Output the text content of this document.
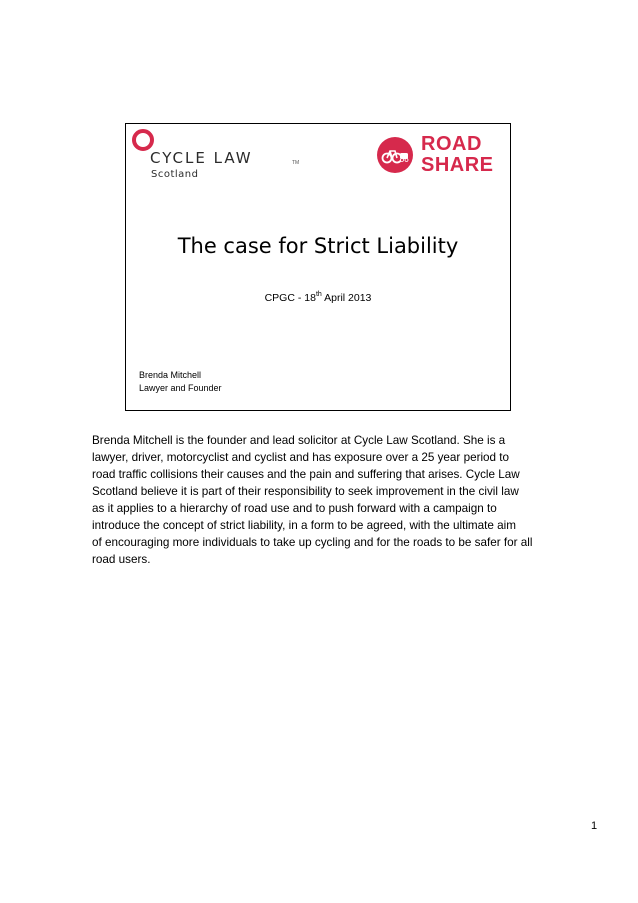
CYCLE LAW	TM
Scotland
ROAD
SHARE
The case for Strict Liability
CPGC - 18th April 2013
Brenda Mitchell
Lawyer and Founder
Brenda Mitchell is the founder and lead solicitor at Cycle Law Scotland. She is a
lawyer, driver, motorcyclist and cyclist and has exposure over a 25 year period to
road traffic collisions their causes and the pain and suffering that arises. Cycle Law
Scotland believe it is part of their responsibility to seek improvement in the civil law
as it applies to a hierarchy of road use and to push forward with a campaign to
introduce the concept of strict liability, in a form to be agreed, with the ultimate aim
of encouraging more individuals to take up cycling and for the roads to be safer for all
road users.
1
